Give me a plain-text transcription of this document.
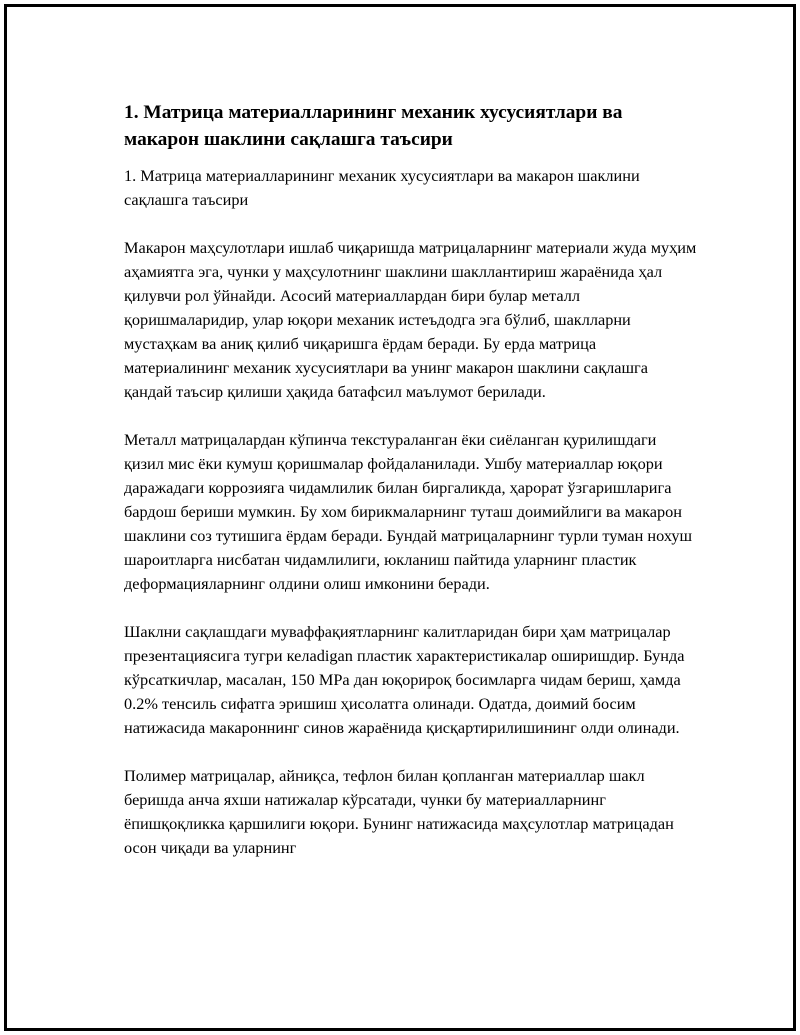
1. Матрица материалларининг механик хусусиятлари ва макарон шаклини сақлашга таъсири

1. Матрица материалларининг механик хусусиятлари ва макарон шаклини сақлашга таъсири

Макарон маҳсулотлари ишлаб чиқаришда матрицаларнинг материали жуда муҳим аҳамиятга эга, чунки у маҳсулотнинг шаклини шакллантириш жараёнида ҳал қилувчи рол ўйнайди. Асосий материаллардан бири булар металл қоришмаларидир, улар юқори механик истеъдодга эга бўлиб, шаклларни мустаҳкам ва аниқ қилиб чиқаришга ёрдам беради. Бу ерда матрица материалининг механик хусусиятлари ва унинг макарон шаклини сақлашга қандай таъсир қилиши ҳақида батафсил маълумот берилади.

Металл матрицалардан кўпинча текстураланган ёки сиёланган қурилишдаги қизил мис ёки кумуш қоришмалар фойдаланилади. Ушбу материаллар юқори даражадаги коррозияга чидамлилик билан биргаликда, ҳарорат ўзгаришларига бардош бериши мумкин. Бу хом бирикмаларнинг туташ доимийлиги ва макарон шаклини соз тутишига ёрдам беради. Бундай матрицаларнинг турли туман нохуш шароитларга нисбатан чидамлилиги, юкланиш пайтида уларнинг пластик деформацияларнинг олдини олиш имконини беради.

Шаклни сақлашдаги муваффақиятларнинг калитларидан бири ҳам матрицалар презентациясига тугри келаdigan пластик характеристикалар оширишдир. Бунда кўрсаткичлар, масалан, 150 MPa дан юқорироқ босимларга чидам бериш, ҳамда 0.2% тенсиль сифатга эришиш ҳисолатга олинади. Одатда, доимий босим натижасида макароннинг синов жараёнида қисқартирилишининг олди олинади.

Полимер матрицалар, айниқса, тефлон билан қопланган материаллар шакл беришда анча яхши натижалар кўрсатади, чунки бу материалларнинг ёпишқоқликка қаршилиги юқори. Бунинг натижасида маҳсулотлар матрицадан осон чиқади ва уларнинг
